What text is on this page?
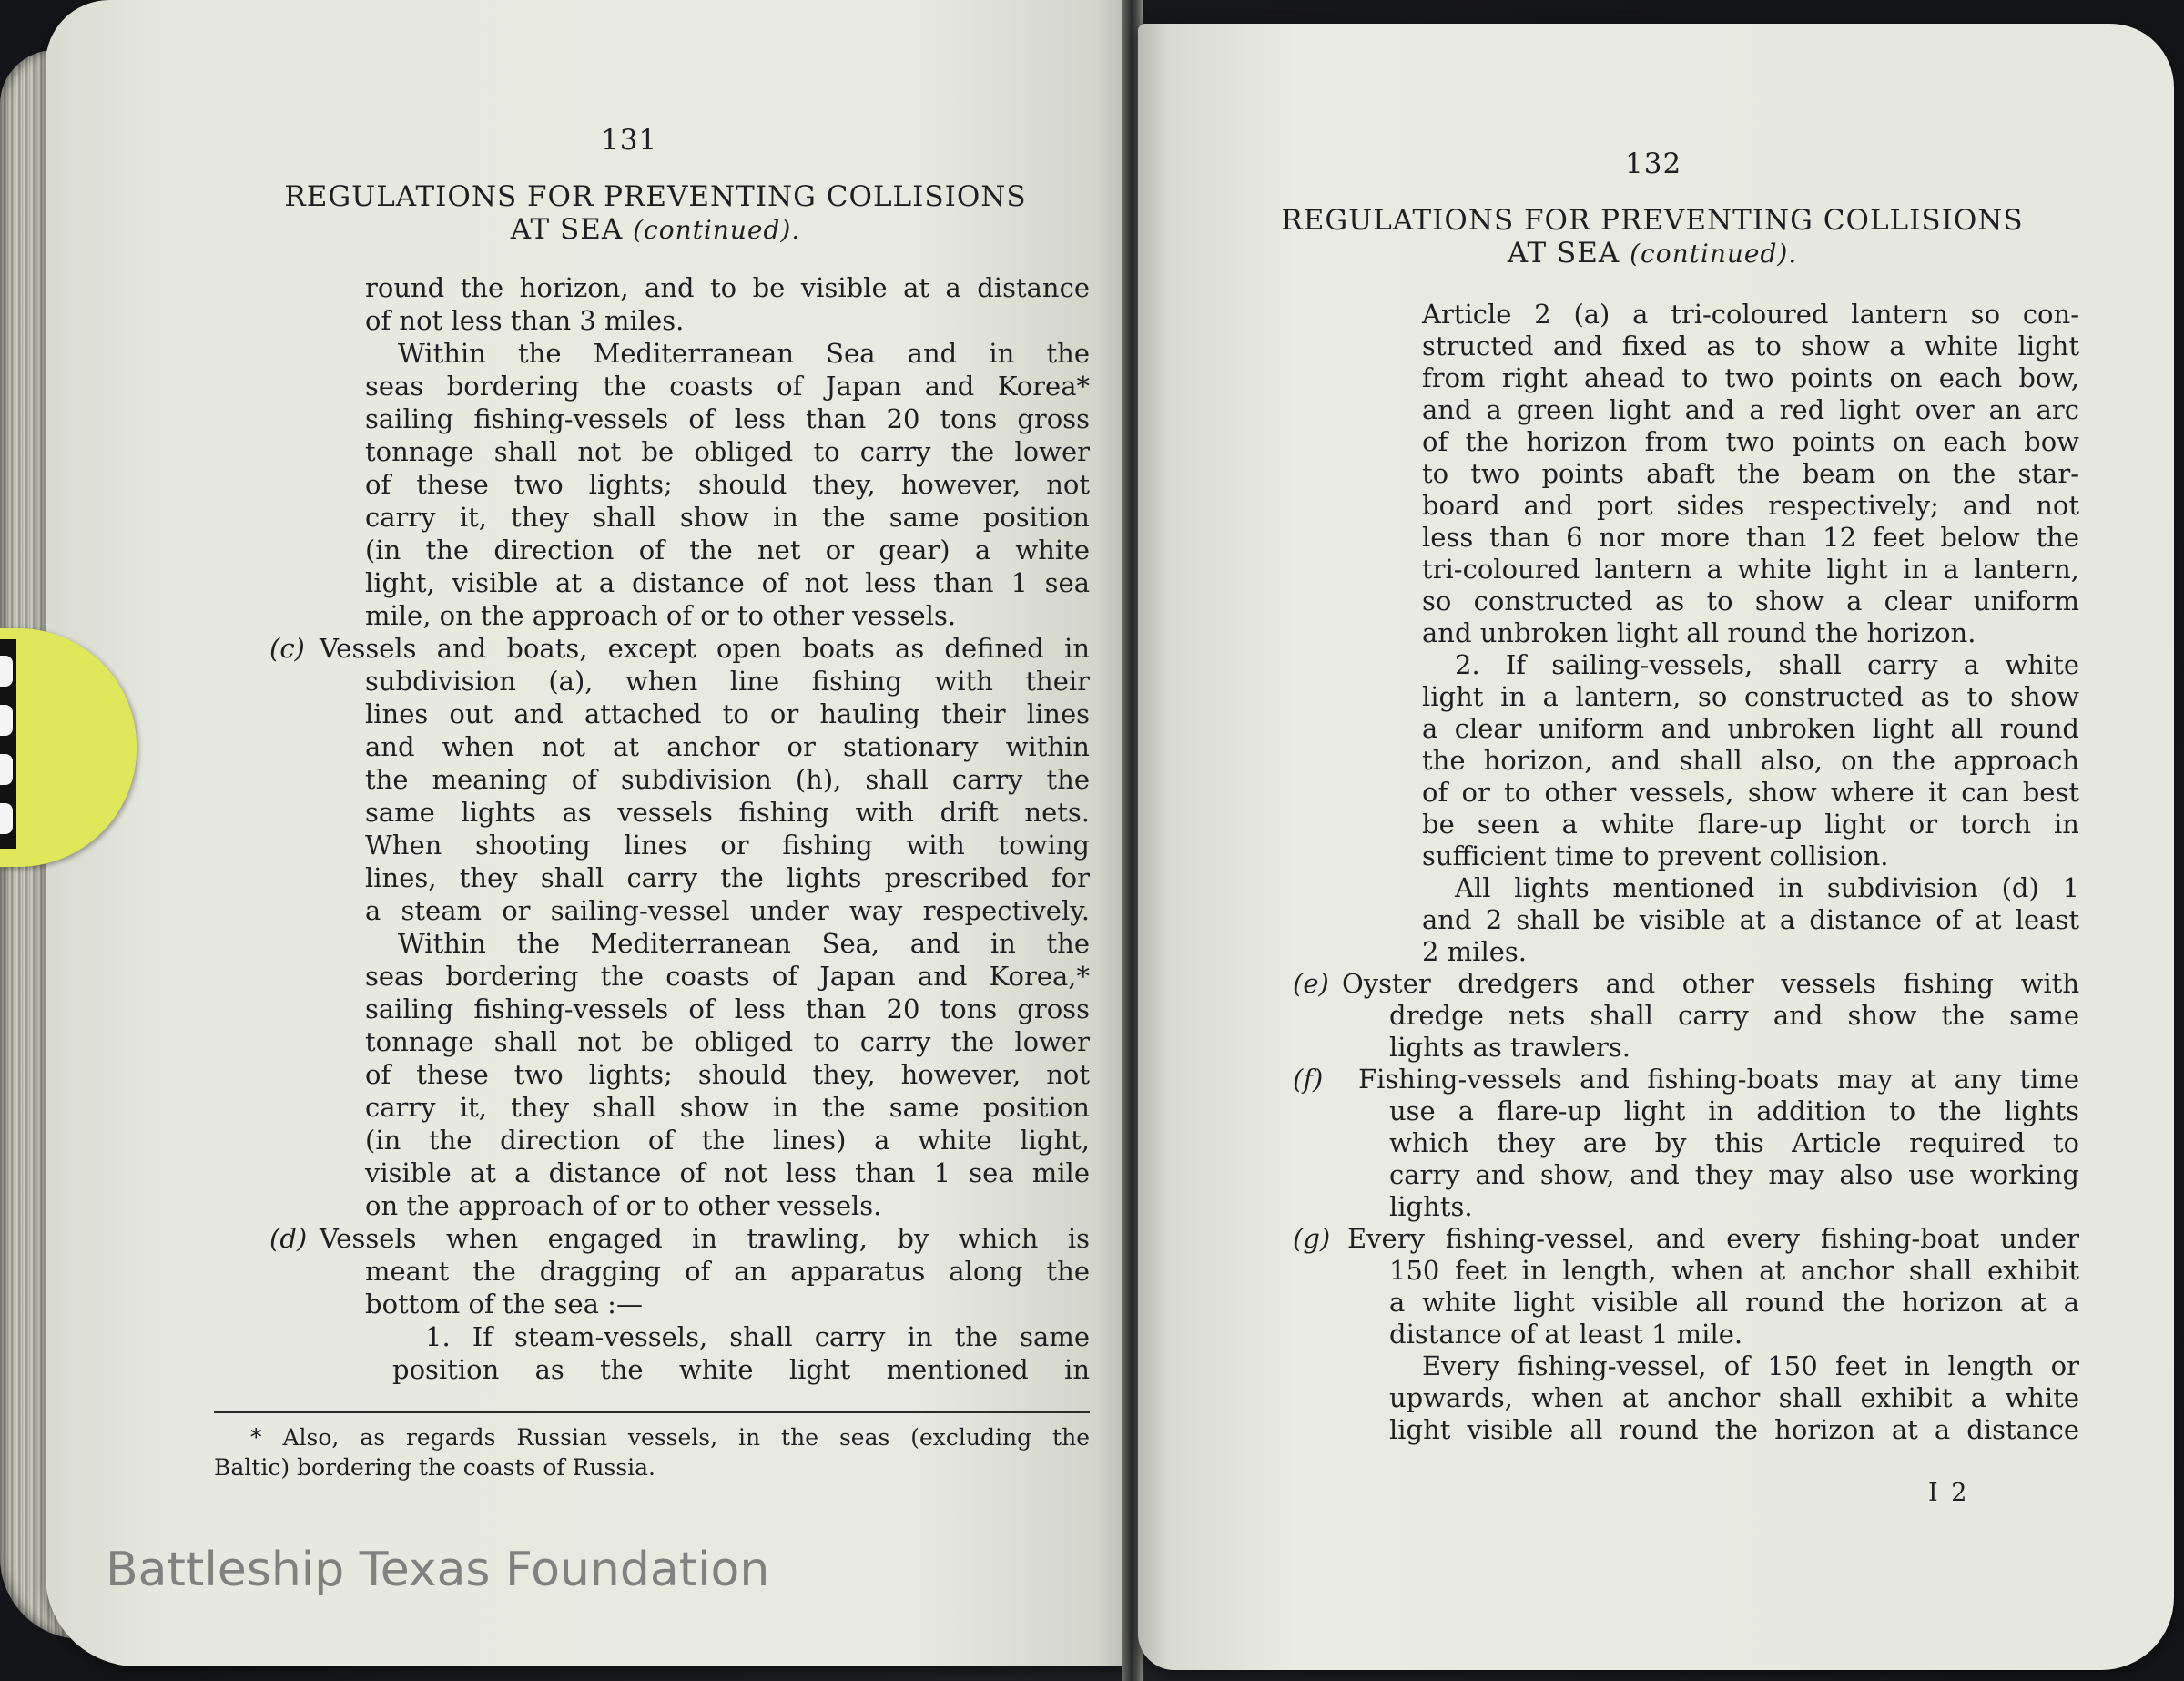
131
REGULATIONS FOR PREVENTING COLLISIONS
AT SEA (continued).

round the horizon, and to be visible at a distance

of not less than 3 miles.

Within the Mediterranean Sea and in the

seas bordering the coasts of Japan and Korea*

sailing fishing-vessels of less than 20 tons gross

tonnage shall not be obliged to carry the lower

of these two lights; should they, however, not

carry it, they shall show in the same position

(in the direction of the net or gear) a white

light, visible at a distance of not less than 1 sea

mile, on the approach of or to other vessels.

(c) Vessels and boats, except open boats as defined in

subdivision (a), when line fishing with their

lines out and attached to or hauling their lines

and when not at anchor or stationary within

the meaning of subdivision (h), shall carry the

same lights as vessels fishing with drift nets.

When shooting lines or fishing with towing

lines, they shall carry the lights prescribed for

a steam or sailing-vessel under way respectively.

Within the Mediterranean Sea, and in the

seas bordering the coasts of Japan and Korea,*

sailing fishing-vessels of less than 20 tons gross

tonnage shall not be obliged to carry the lower

of these two lights; should they, however, not

carry it, they shall show in the same position

(in the direction of the lines) a white light,

visible at a distance of not less than 1 sea mile

on the approach of or to other vessels.

(d) Vessels when engaged in trawling, by which is

meant the dragging of an apparatus along the

bottom of the sea :—

1. If steam-vessels, shall carry in the same

position as the white light mentioned in

* Also, as regards Russian vessels, in the seas (excluding the

Baltic) bordering the coasts of Russia.

132
REGULATIONS FOR PREVENTING COLLISIONS
AT SEA (continued).

Article 2 (a) a tri-coloured lantern so con-

structed and fixed as to show a white light

from right ahead to two points on each bow,

and a green light and a red light over an arc

of the horizon from two points on each bow

to two points abaft the beam on the star-

board and port sides respectively; and not

less than 6 nor more than 12 feet below the

tri-coloured lantern a white light in a lantern,

so constructed as to show a clear uniform

and unbroken light all round the horizon.

2. If sailing-vessels, shall carry a white

light in a lantern, so constructed as to show

a clear uniform and unbroken light all round

the horizon, and shall also, on the approach

of or to other vessels, show where it can best

be seen a white flare-up light or torch in

sufficient time to prevent collision.

All lights mentioned in subdivision (d) 1

and 2 shall be visible at a distance of at least

2 miles.

(e) Oyster dredgers and other vessels fishing with

dredge nets shall carry and show the same

lights as trawlers.

(f) Fishing-vessels and fishing-boats may at any time

use a flare-up light in addition to the lights

which they are by this Article required to

carry and show, and they may also use working

lights.

(g) Every fishing-vessel, and every fishing-boat under

150 feet in length, when at anchor shall exhibit

a white light visible all round the horizon at a

distance of at least 1 mile.

Every fishing-vessel, of 150 feet in length or

upwards, when at anchor shall exhibit a white

light visible all round the horizon at a distance

I 2
Battleship Texas Foundation
